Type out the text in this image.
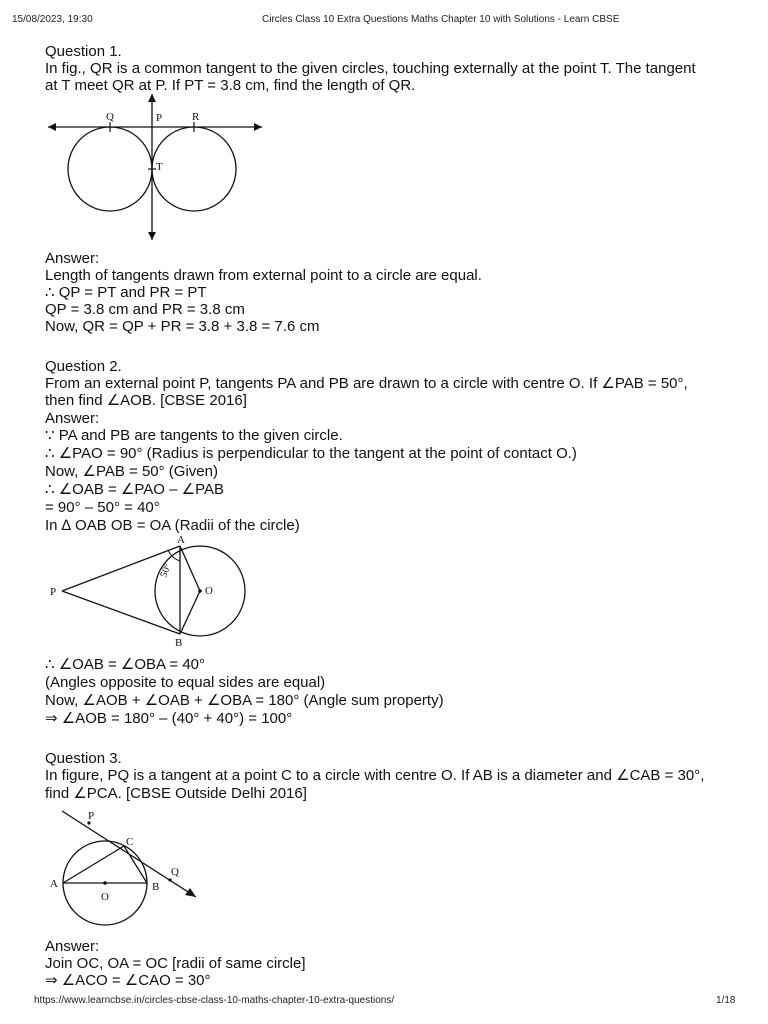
15/08/2023, 19:30	Circles Class 10 Extra Questions Maths Chapter 10 with Solutions - Learn CBSE
Question 1.
In fig., QR is a common tangent to the given circles, touching externally at the point T. The tangent
at T meet QR at P. If PT = 3.8 cm, find the length of QR.
Q	P	R
T
Answer:
Length of tangents drawn from external point to a circle are equal.
∴ QP = PT and PR = PT
QP = 3.8 cm and PR = 3.8 cm
Now, QR = QP + PR = 3.8 + 3.8 = 7.6 cm
Question 2.
From an external point P, tangents PA and PB are drawn to a circle with centre O. If ∠PAB = 50°,
then find ∠AOB. [CBSE 2016]
Answer:
∵ PA and PB are tangents to the given circle.
∴ ∠PAO = 90° (Radius is perpendicular to the tangent at the point of contact O.)
Now, ∠PAB = 50° (Given)
∴ ∠OAB = ∠PAO – ∠PAB
= 90° – 50° = 40°
In ∆ OAB OB = OA (Radii of the circle)
A
P	O
B
50°
∴ ∠OAB = ∠OBA = 40°
(Angles opposite to equal sides are equal)
Now, ∠AOB + ∠OAB + ∠OBA = 180° (Angle sum property)
⇒ ∠AOB = 180° – (40° + 40°) = 100°
Question 3.
In figure, PQ is a tangent at a point C to a circle with centre O. If AB is a diameter and ∠CAB = 30°,
find ∠PCA. [CBSE Outside Delhi 2016]
P
C
A	B
Q
O
Answer:
Join OC, OA = OC [radii of same circle]
⇒ ∠ACO = ∠CAO = 30°
https://www.learncbse.in/circles-cbse-class-10-maths-chapter-10-extra-questions/	1/18
